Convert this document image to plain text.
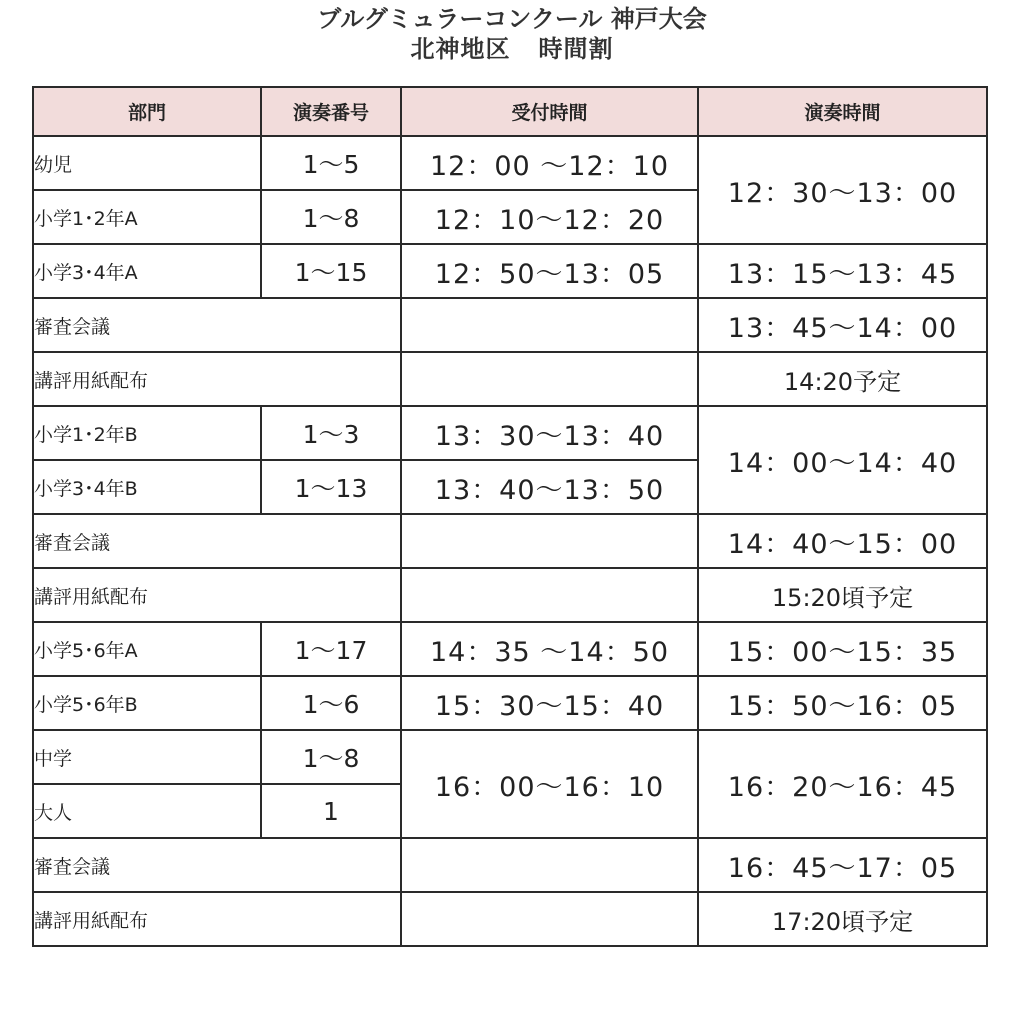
ブルグミュラーコンクール 神戸大会
北神地区 時間割
部門	演奏番号	受付時間	演奏時間
幼児	1～5	12：00 ～12：10	12：30～13：00
小学1･2年A	1～8	12：10～12：20	
小学3･4年A	1～15	12：50～13：05	13：15～13：45
審査会議			13：45～14：00
講評用紙配布			14:20予定
小学1･2年B	1～3	13：30～13：40	14：00～14：40
小学3･4年B	1～13	13：40～13：50	
審査会議			14：40～15：00
講評用紙配布			15:20頃予定
小学5･6年A	1～17	14：35 ～14：50	15：00～15：35
小学5･6年B	1～6	15：30～15：40	15：50～16：05
中学	1～8	16：00～16：10	16：20～16：45
大人	1		
審査会議			16：45～17：05
講評用紙配布			17:20頃予定
